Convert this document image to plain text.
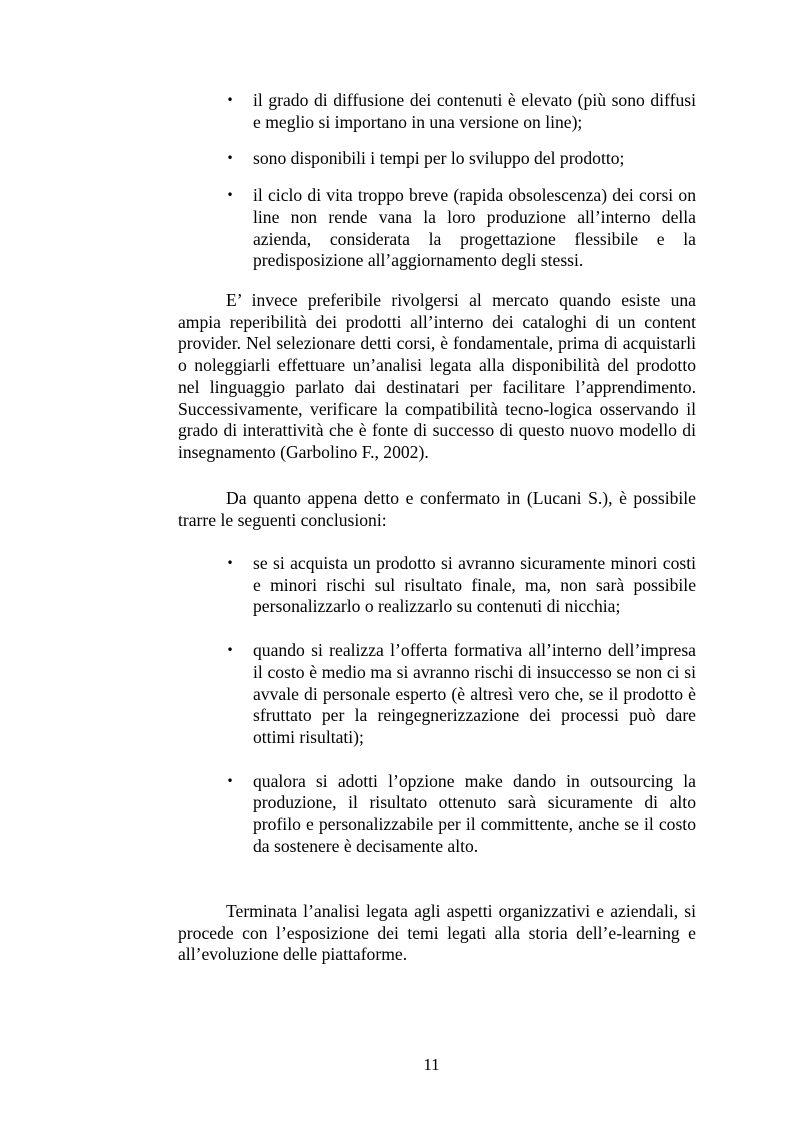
• il grado di diffusione dei contenuti è elevato (più sono diffusi e meglio si importano in una versione on line);
• sono disponibili i tempi per lo sviluppo del prodotto;
• il ciclo di vita troppo breve (rapida obsolescenza) dei corsi on line non rende vana la loro produzione all’interno della azienda, considerata la progettazione flessibile e la predisposizione all’aggiornamento degli stessi.

E’ invece preferibile rivolgersi al mercato quando esiste una ampia reperibilità dei prodotti all’interno dei cataloghi di un content provider. Nel selezionare detti corsi, è fondamentale, prima di acquistarli o noleggiarli effettuare un’analisi legata alla disponibilità del prodotto nel linguaggio parlato dai destinatari per facilitare l’apprendimento. Successivamente, verificare la compatibilità tecno-logica osservando il grado di interattività che è fonte di successo di questo nuovo modello di insegnamento (Garbolino F., 2002).

Da quanto appena detto e confermato in (Lucani S.), è possibile trarre le seguenti conclusioni:

• se si acquista un prodotto si avranno sicuramente minori costi e minori rischi sul risultato finale, ma, non sarà possibile personalizzarlo o realizzarlo su contenuti di nicchia;
• quando si realizza l’offerta formativa all’interno dell’impresa il costo è medio ma si avranno rischi di insuccesso se non ci si avvale di personale esperto (è altresì vero che, se il prodotto è sfruttato per la reingegnerizzazione dei processi può dare ottimi risultati);
• qualora si adotti l’opzione make dando in outsourcing la produzione, il risultato ottenuto sarà sicuramente di alto profilo e personalizzabile per il committente, anche se il costo da sostenere è decisamente alto.

Terminata l’analisi legata agli aspetti organizzativi e aziendali, si procede con l’esposizione dei temi legati alla storia dell’e-learning e all’evoluzione delle piattaforme.

11
